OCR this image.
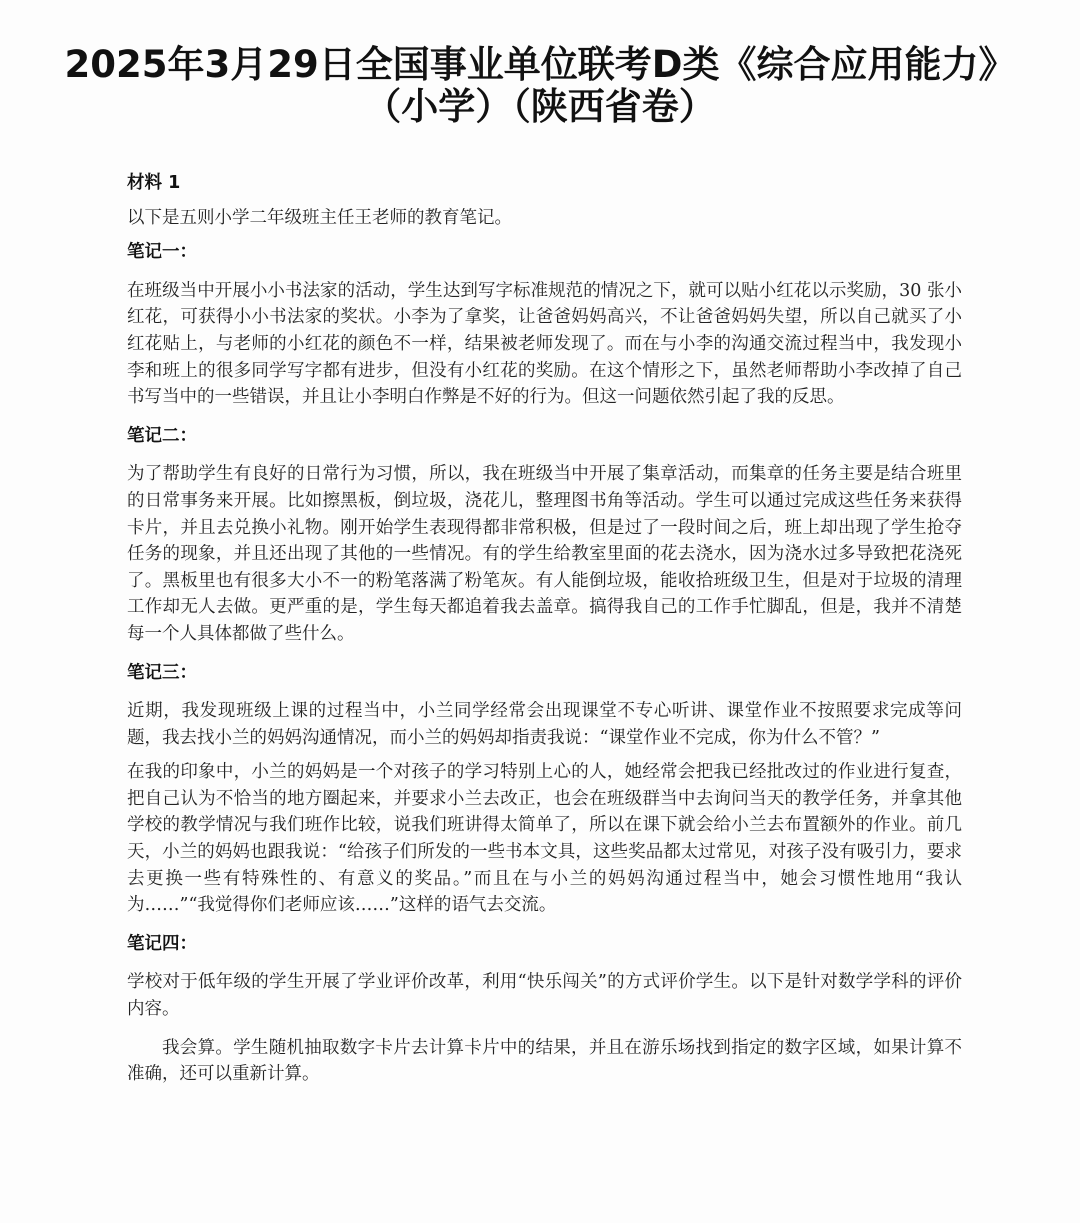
2025年3月29日全国事业单位联考D类《综合应用能力》
（小学）（陕西省卷）

材料 1

以下是五则小学二年级班主任王老师的教育笔记。

笔记一：

在班级当中开展小小书法家的活动，学生达到写字标准规范的情况之下，就可以贴小红花以示奖励，30 张小红花，可获得小小书法家的奖状。小李为了拿奖，让爸爸妈妈高兴，不让爸爸妈妈失望，所以自己就买了小红花贴上，与老师的小红花的颜色不一样，结果被老师发现了。而在与小李的沟通交流过程当中，我发现小李和班上的很多同学写字都有进步，但没有小红花的奖励。在这个情形之下，虽然老师帮助小李改掉了自己书写当中的一些错误，并且让小李明白作弊是不好的行为。但这一问题依然引起了我的反思。

笔记二：

为了帮助学生有良好的日常行为习惯，所以，我在班级当中开展了集章活动，而集章的任务主要是结合班里的日常事务来开展。比如擦黑板，倒垃圾，浇花儿，整理图书角等活动。学生可以通过完成这些任务来获得卡片，并且去兑换小礼物。刚开始学生表现得都非常积极，但是过了一段时间之后，班上却出现了学生抢夺任务的现象，并且还出现了其他的一些情况。有的学生给教室里面的花去浇水，因为浇水过多导致把花浇死了。黑板里也有很多大小不一的粉笔落满了粉笔灰。有人能倒垃圾，能收拾班级卫生，但是对于垃圾的清理工作却无人去做。更严重的是，学生每天都追着我去盖章。搞得我自己的工作手忙脚乱，但是，我并不清楚每一个人具体都做了些什么。

笔记三：

近期，我发现班级上课的过程当中，小兰同学经常会出现课堂不专心听讲、课堂作业不按照要求完成等问题，我去找小兰的妈妈沟通情况，而小兰的妈妈却指责我说：“课堂作业不完成，你为什么不管？”

在我的印象中，小兰的妈妈是一个对孩子的学习特别上心的人，她经常会把我已经批改过的作业进行复查，把自己认为不恰当的地方圈起来，并要求小兰去改正，也会在班级群当中去询问当天的教学任务，并拿其他学校的教学情况与我们班作比较，说我们班讲得太简单了，所以在课下就会给小兰去布置额外的作业。前几天，小兰的妈妈也跟我说：“给孩子们所发的一些书本文具，这些奖品都太过常见，对孩子没有吸引力，要求去更换一些有特殊性的、有意义的奖品。”而且在与小兰的妈妈沟通过程当中，她会习惯性地用“我认为……”“我觉得你们老师应该……”这样的语气去交流。

笔记四：

学校对于低年级的学生开展了学业评价改革，利用“快乐闯关”的方式评价学生。以下是针对数学学科的评价内容。

我会算。学生随机抽取数字卡片去计算卡片中的结果，并且在游乐场找到指定的数字区域，如果计算不准确，还可以重新计算。
